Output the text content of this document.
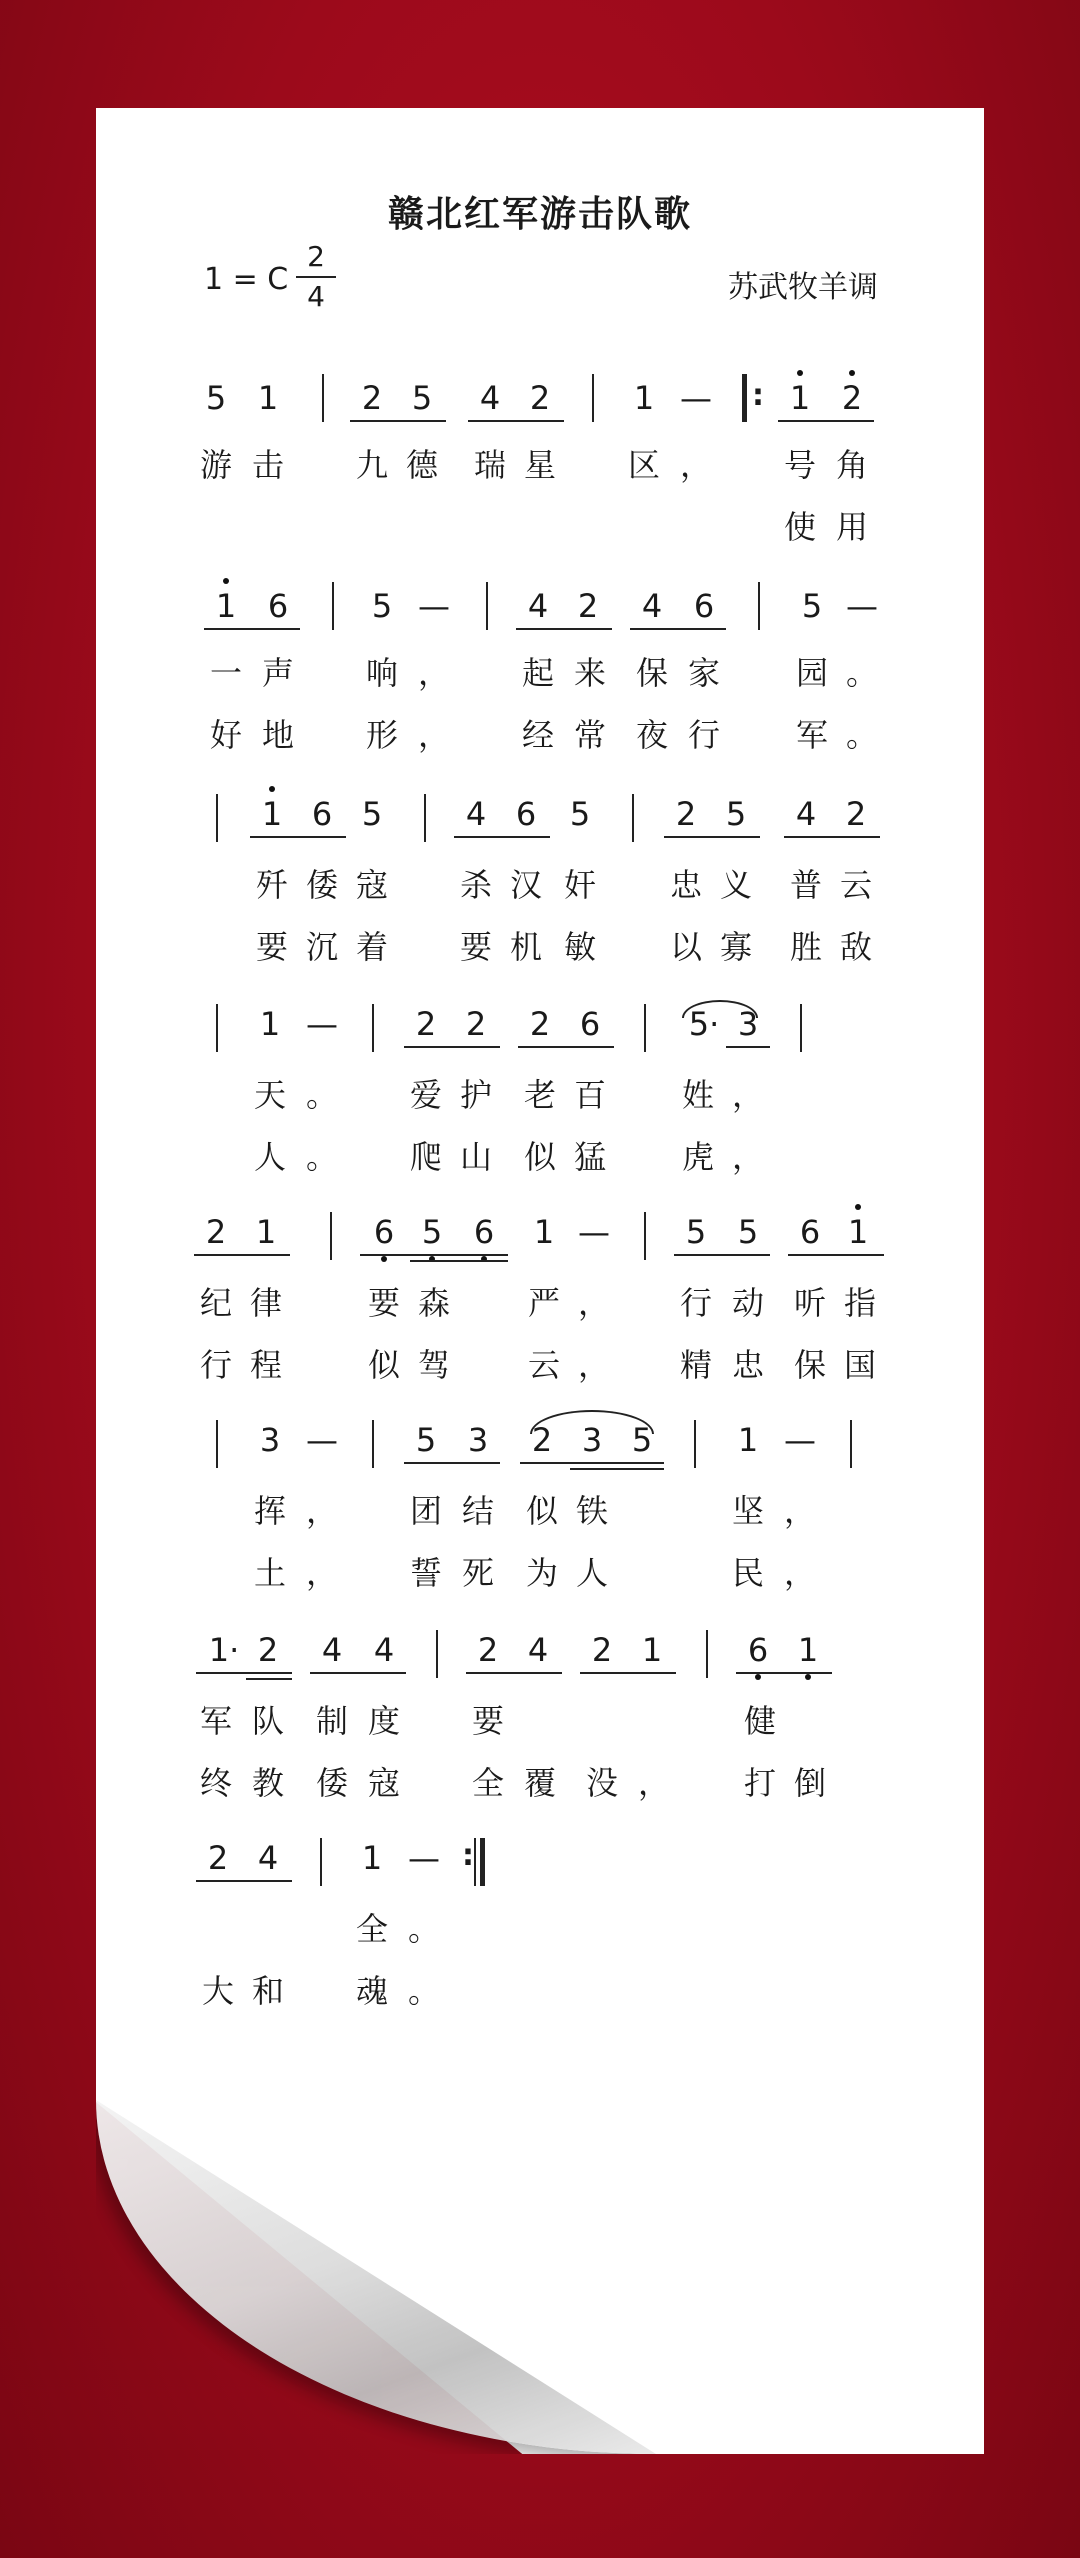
赣北红军游击队歌
1 = C
2
4	苏武牧羊调
5 1	2 5 4 2	1 — : 1 2
游 击 九 德 瑞 星 区 ， 号 角
使 用
1 6	5 — 4 2 4 6	5 —
一 声 响 ， 起 来 保 家 园 。
好 地 形 ， 经 常 夜 行 军 。
1 6 5	4 6 5	2 5 4 2
歼 倭 寇 杀 汉 奸 忠 义 普 云
要 沉 着 要 机 敏 以 寡 胜 敌
1 — 2 2 2 6	5· 3
天 。 爱 护 老 百 姓 ，
人 。 爬 山 似 猛 虎 ，
2 1	6 5 6 1 — 5 5 6 1
纪 律	要 森 严 ， 行 动 听 指
行 程	似 驾 云 ， 精 忠 保 国
3 — 5 3 2 3 5	1 —
挥 ， 团 结 似 铁	坚 ，
土 ， 誓 死 为 人	民 ，
1· 2 4 4	2 4 2 1	6 1
军 队 制 度 要	健
终 教 倭 寇 全 覆 没 ， 打 倒
2 4	1 — :
全 。
大 和 魂 。
